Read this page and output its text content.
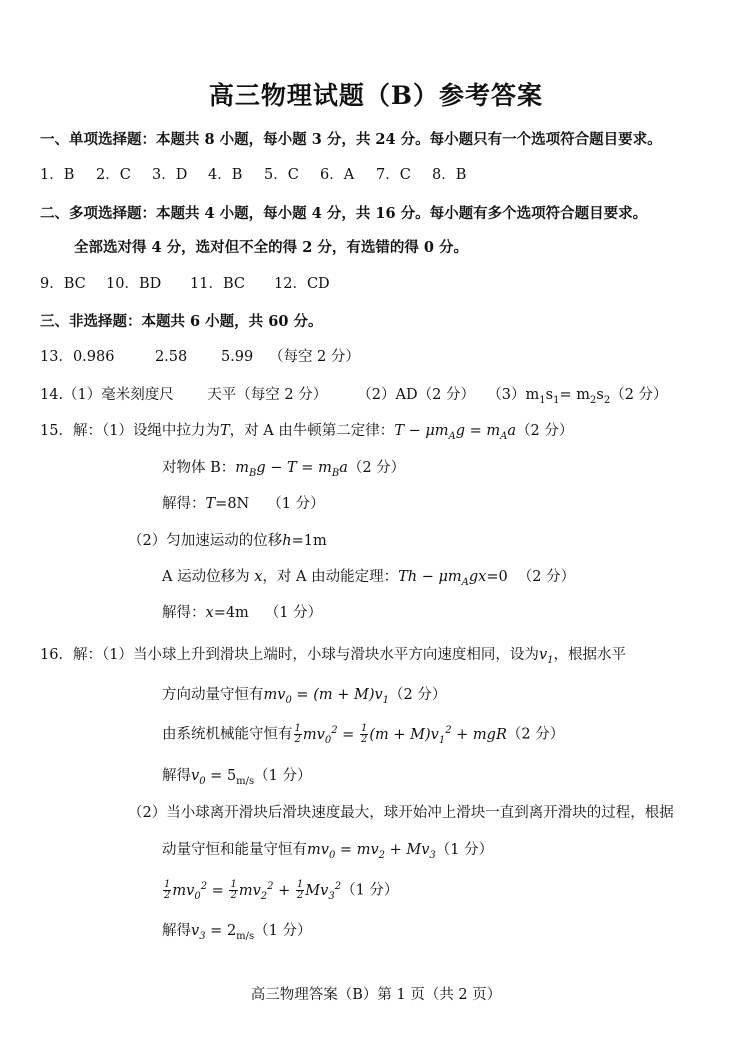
高三物理试题（B）参考答案
一、单项选择题：本题共 8 小题，每小题 3 分，共 24 分。每小题只有一个选项符合题目要求。
1．B 2．C 3．D 4．B 5．C 6．A 7．C 8．B
二、多项选择题：本题共 4 小题，每小题 4 分，共 16 分。每小题有多个选项符合题目要求。
全部选对得 4 分，选对但不全的得 2 分，有选错的得 0 分。
9．BC 10．BD 11．BC 12．CD
三、非选择题：本题共 6 小题，共 60 分。
13．0.986	2.58 5.99 （每空 2 分）
14.（1）毫米刻度尺 天平（每空 2 分） （2）AD（2 分） $(3)m_1s_1= m_2s_2(2$ 分）
15．解：（1）设绳中拉力为T，对 A 由牛顿第二定律：$T - \mu m_Ag = m_Aa(2$ 分）
对物体 B：$m_Bg - T = m_Ba(2$ 分）
解得：T=8N （1 分）
（2）匀加速运动的位移h=1m
A 运动位移为 x，对 A 由动能定理：$Th - \mu m_Agx=0$ （2 分）
解得：x=4m （1 分）
16．解：（1）当小球上升到滑块上端时，小球与滑块水平方向速度相同，设为$v_1$，根据水平
方向动量守恒有$mv_0 = (m + M)v_1(2$ 分）
由系统机械能守恒有 $\frac{1}{2} mv_0^2 = \frac{1}{2} (m + M)v_1^2 + mgR(2$ 分）
解得$v_0 = 5_{m/s}(1$ 分）
（2）当小球离开滑块后滑块速度最大，球开始冲上滑块一直到离开滑块的过程，根据
动量守恒和能量守恒有$mv_0 = mv_2 + Mv_3(1$ 分）
$\frac{1}{2} mv_0^2 = \frac{1}{2} mv_2^2 + \frac{1}{2} Mv_3^2(1$ 分）
解得$v_3 = 2_{m/s}(1$ 分）
高三物理答案（B）第 1 页（共 2 页）
